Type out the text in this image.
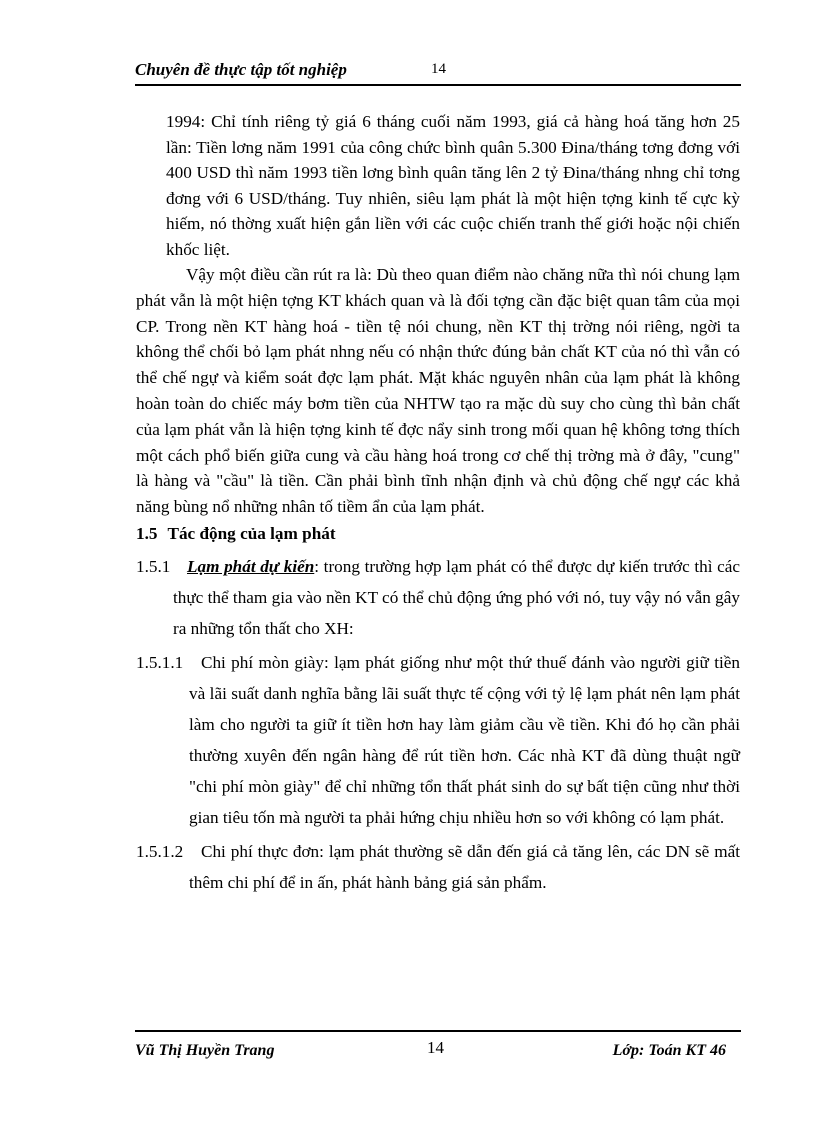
Chuyên đề thực tập tốt nghiệp	14

1994: Chỉ tính riêng tỷ giá 6 tháng cuối năm 1993, giá cả hàng hoá tăng hơn 25 lần: Tiền lơng năm 1991 của công chức bình quân 5.300 Đina/tháng tơng đơng với 400 USD thì năm 1993 tiền lơng bình quân tăng lên 2 tỷ Đina/tháng nhng chỉ tơng đơng với 6 USD/tháng. Tuy nhiên, siêu lạm phát là một hiện tợng kinh tế cực kỳ hiếm, nó thờng xuất hiện gắn liền với các cuộc chiến tranh thế giới hoặc nội chiến khốc liệt.

Vậy một điều cần rút ra là: Dù theo quan điểm nào chăng nữa thì nói chung lạm phát vẫn là một hiện tợng KT khách quan và là đối tợng cần đặc biệt quan tâm của mọi CP. Trong nền KT hàng hoá - tiền tệ nói chung, nền KT thị trờng nói riêng, ngời ta không thể chối bỏ lạm phát nhng nếu có nhận thức đúng bản chất KT của nó thì vẫn có thể chế ngự và kiểm soát đợc lạm phát. Mặt khác nguyên nhân của lạm phát là không hoàn toàn do chiếc máy bơm tiền của NHTW tạo ra mặc dù suy cho cùng thì bản chất của lạm phát vẫn là hiện tợng kinh tế đợc nẩy sinh trong mối quan hệ không tơng thích một cách phổ biến giữa cung và cầu hàng hoá trong cơ chế thị trờng mà ở đây, "cung" là hàng và "cầu" là tiền. Cần phải bình tĩnh nhận định và chủ động chế ngự các khả năng bùng nổ những nhân tố tiềm ẩn của lạm phát.

1.5 Tác động của lạm phát
1.5.1 Lạm phát dự kiến: trong trường hợp lạm phát có thể được dự kiến trước thì các thực thể tham gia vào nền KT có thể chủ động ứng phó với nó, tuy vậy nó vẫn gây ra những tổn thất cho XH:
1.5.1.1	Chi phí mòn giày: lạm phát giống như một thứ thuế đánh vào người giữ tiền và lãi suất danh nghĩa bằng lãi suất thực tế cộng với tỷ lệ lạm phát nên lạm phát làm cho người ta giữ ít tiền hơn hay làm giảm cầu về tiền. Khi đó họ cần phải thường xuyên đến ngân hàng để rút tiền hơn. Các nhà KT đã dùng thuật ngữ "chi phí mòn giày" để chỉ những tổn thất phát sinh do sự bất tiện cũng như thời gian tiêu tốn mà người ta phải hứng chịu nhiều hơn so với không có lạm phát.
1.5.1.2	Chi phí thực đơn: lạm phát thường sẽ dẫn đến giá cả tăng lên, các DN sẽ mất thêm chi phí để in ấn, phát hành bảng giá sản phẩm.
Vũ Thị Huyền Trang	14	Lớp: Toán KT 46
